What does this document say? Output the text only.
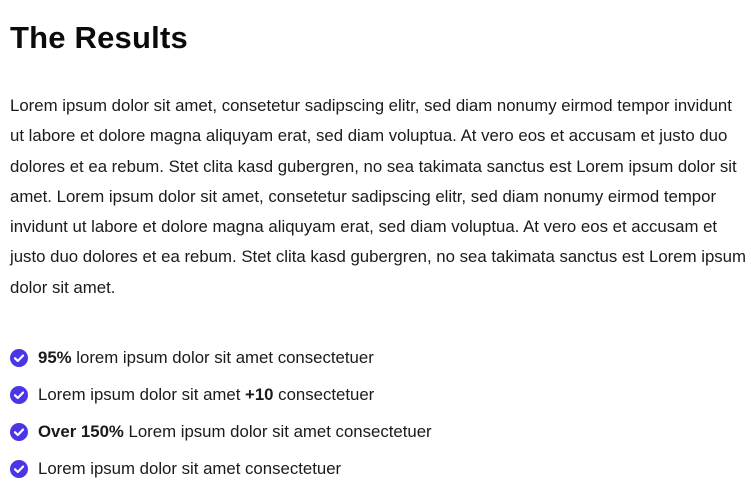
The Results

Lorem ipsum dolor sit amet, consetetur sadipscing elitr, sed diam nonumy eirmod tempor invidunt ut labore et dolore magna aliquyam erat, sed diam voluptua. At vero eos et accusam et justo duo dolores et ea rebum. Stet clita kasd gubergren, no sea takimata sanctus est Lorem ipsum dolor sit amet. Lorem ipsum dolor sit amet, consetetur sadipscing elitr, sed diam nonumy eirmod tempor invidunt ut labore et dolore magna aliquyam erat, sed diam voluptua. At vero eos et accusam et justo duo dolores et ea rebum. Stet clita kasd gubergren, no sea takimata sanctus est Lorem ipsum dolor sit amet.

95% lorem ipsum dolor sit amet consectetuer
Lorem ipsum dolor sit amet +10 consectetuer
Over 150% Lorem ipsum dolor sit amet consectetuer
Lorem ipsum dolor sit amet consectetuer
